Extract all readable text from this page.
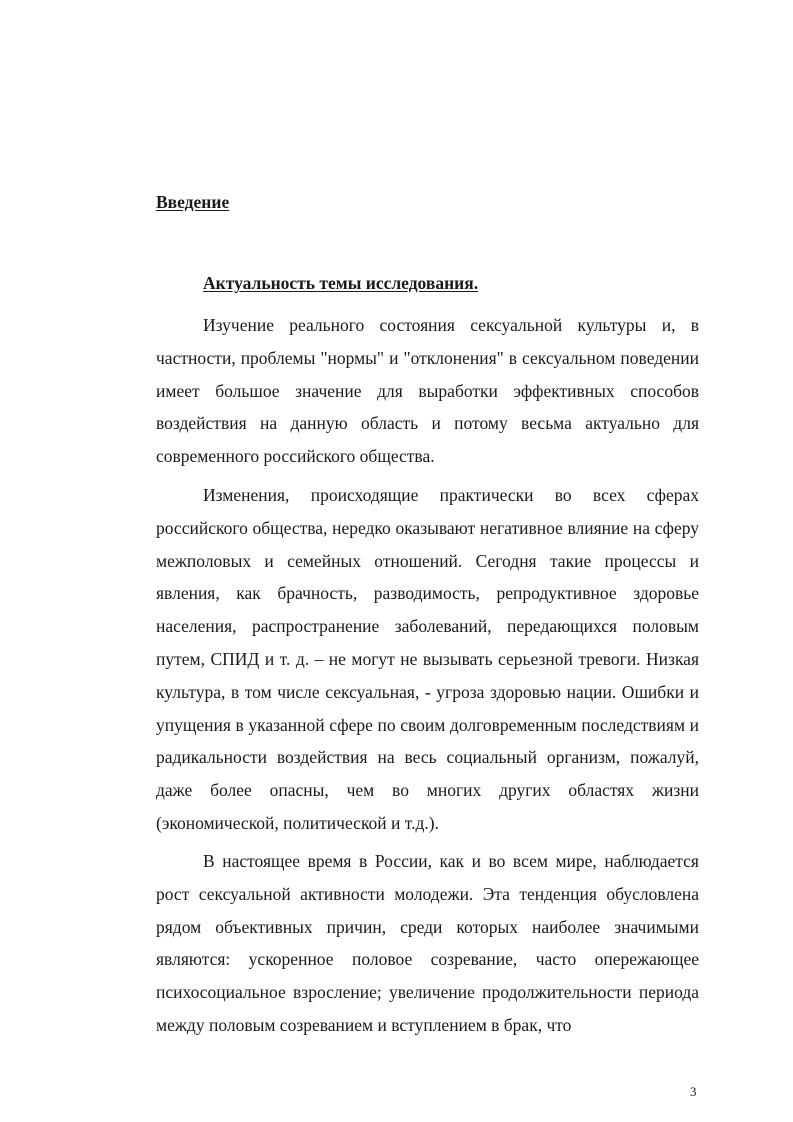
Введение
Актуальность темы исследования.

Изучение реального состояния сексуальной культуры и, в частности, проблемы "нормы" и "отклонения" в сексуальном поведении имеет большое значение для выработки эффективных способов воздействия на данную область и потому весьма актуально для современного российского общества.

Изменения, происходящие практически во всех сферах российского общества, нередко оказывают негативное влияние на сферу межполовых и семейных отношений. Сегодня такие процессы и явления, как брачность, разводимость, репродуктивное здоровье населения, распространение заболеваний, передающихся половым путем, СПИД и т. д. – не могут не вызывать серьезной тревоги. Низкая культура, в том числе сексуальная, - угроза здоровью нации. Ошибки и упущения в указанной сфере по своим долговременным последствиям и радикальности воздействия на весь социальный организм, пожалуй, даже более опасны, чем во многих других областях жизни (экономической, политической и т.д.).

В настоящее время в России, как и во всем мире, наблюдается рост сексуальной активности молодежи. Эта тенденция обусловлена рядом объективных причин, среди которых наиболее значимыми являются: ускоренное половое созревание, часто опережающее психосоциальное взросление; увеличение продолжительности периода между половым созреванием и вступлением в брак, что

3
